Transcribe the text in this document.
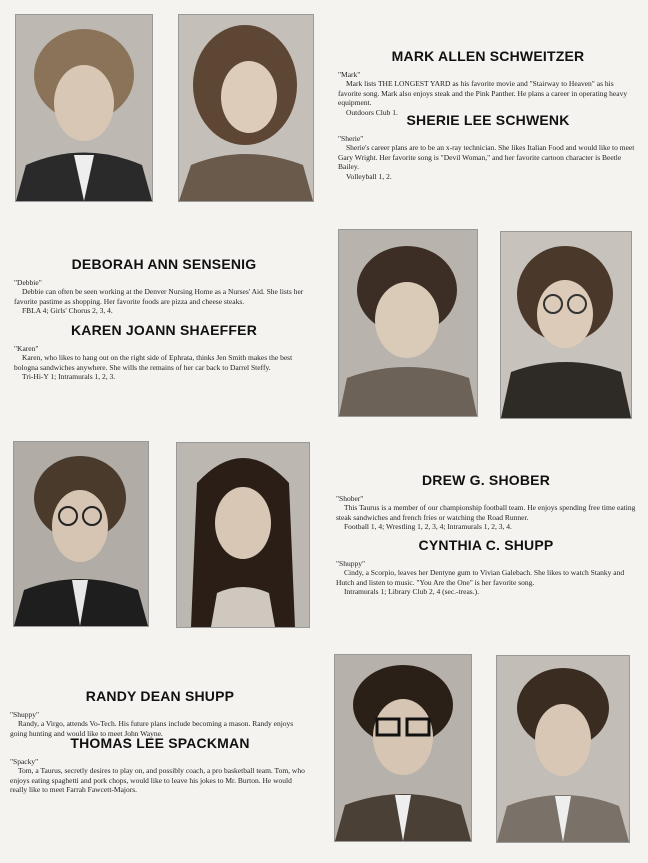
MARK ALLEN SCHWEITZER

"Mark"

Mark lists THE LONGEST YARD as his favorite movie and "Stairway to Heaven" as his favorite song. Mark also enjoys steak and the Pink Panther. He plans a career in operating heavy equipment.

Outdoors Club 1. SHERIE LEE SCHWENK

"Sherie"

Sherie's career plans are to be an x-ray technician. She likes Italian Food and would like to meet Gary Wright. Her favorite song is "Devil Woman," and her favorite cartoon character is Beetle Bailey.

Volleyball 1, 2.

DEBORAH ANN SENSENIG

"Debbie"

Debbie can often be seen working at the Denver Nursing Home as a Nurses' Aid. She lists her favorite pastime as shopping. Her favorite foods are pizza and cheese steaks.

FBLA 4; Girls' Chorus 2, 3, 4.

KAREN JOANN SHAEFFER

"Karen"

Karen, who likes to hang out on the right side of Ephrata, thinks Jen Smith makes the best bologna sandwiches anywhere. She wills the remains of her car back to Darrel Steffy.

Tri-Hi-Y 1; Intramurals 1, 2, 3.

DREW G. SHOBER

"Shober"

This Taurus is a member of our championship football team. He enjoys spending free time eating steak sandwiches and french fries or watching the Road Runner.

Football 1, 4; Wrestling 1, 2, 3, 4; Intramurals 1, 2, 3, 4.

CYNTHIA C. SHUPP

"Shuppy"

Cindy, a Scorpio, leaves her Dentyne gum to Vivian Galebach. She likes to watch Stanky and Hutch and listen to music. "You Are the One" is her favorite song.

Intramurals 1; Library Club 2, 4 (sec.-treas.).

RANDY DEAN SHUPP

"Shuppy"

Randy, a Virgo, attends Vo-Tech. His future plans include becoming a mason. Randy enjoys going hunting and would like to meet John Wayne.

THOMAS LEE SPACKMAN

"Spacky"

Tom, a Taurus, secretly desires to play on, and possibly coach, a pro basketball team. Tom, who enjoys eating spaghetti and pork chops, would like to leave his jokes to Mr. Burton. He would really like to meet Farrah Fawcett-Majors.
